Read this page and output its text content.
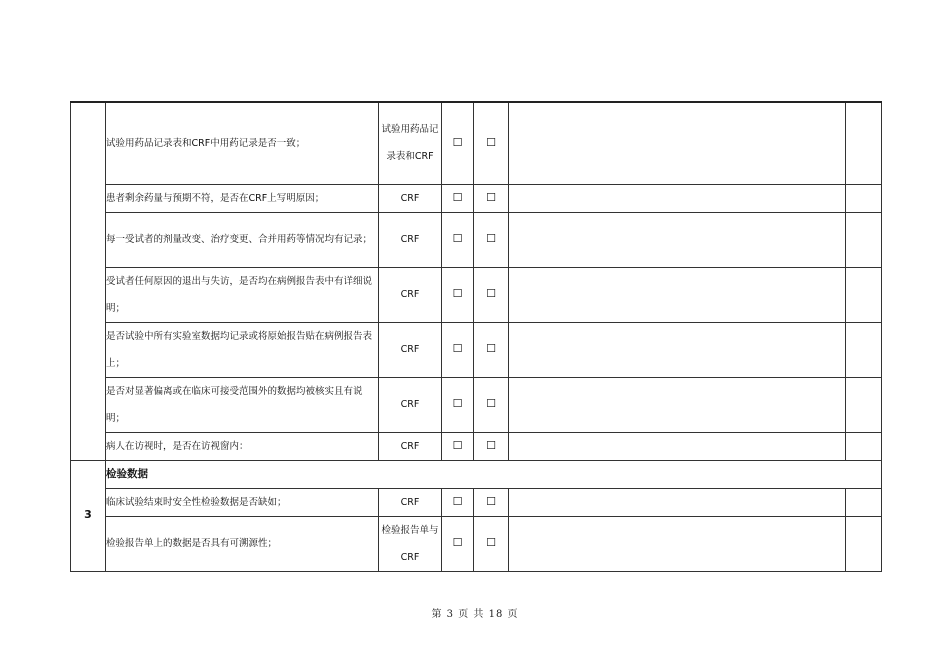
	试验用药品记录表和CRF中用药记录是否一致；	试验用药品记录表和CRF	☐	☐		

	患者剩余药量与预期不符，是否在CRF上写明原因；	CRF	☐	☐		

	每一受试者的剂量改变、治疗变更、合并用药等情况均有记录；	CRF	☐	☐		

	受试者任何原因的退出与失访，是否均在病例报告表中有详细说明；	CRF	☐	☐		

	是否试验中所有实验室数据均记录或将原始报告贴在病例报告表上；	CRF	☐	☐		

	是否对显著偏离或在临床可接受范围外的数据均被核实且有说明；	CRF	☐	☐		

	病人在访视时，是否在访视窗内：	CRF	☐	☐		
3	检验数据					

	临床试验结束时安全性检验数据是否缺如；	CRF	☐	☐		

	检验报告单上的数据是否具有可溯源性；	检验报告单与CRF	☐	☐		
第 3 页 共 18 页
